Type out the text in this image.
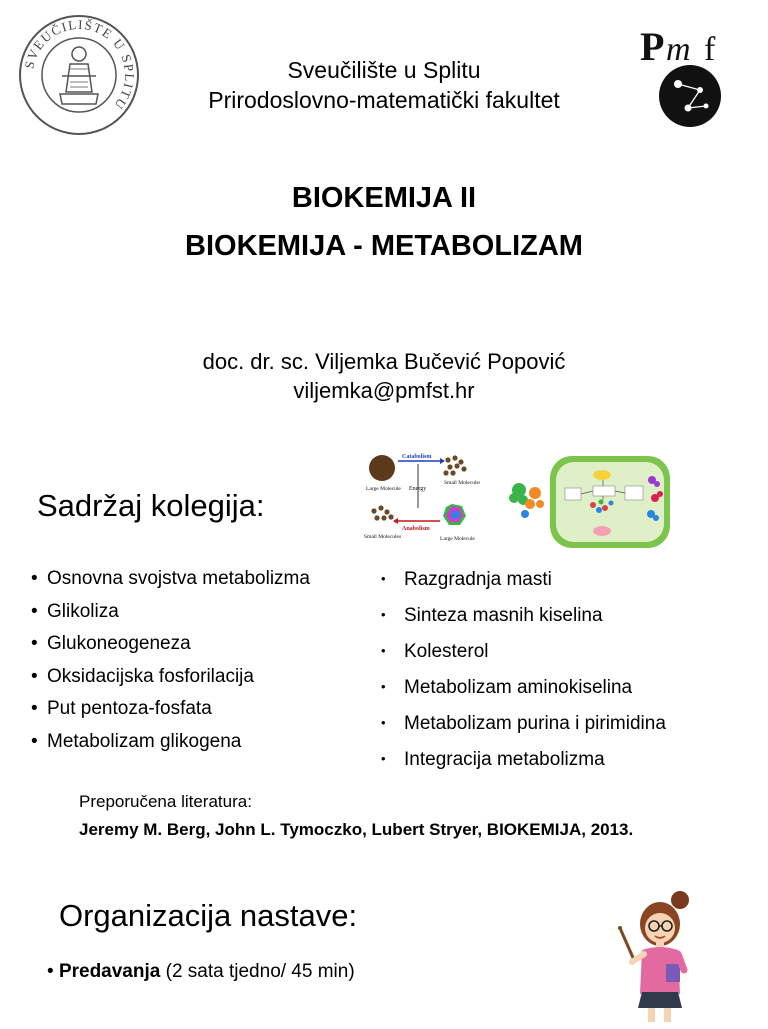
SVEUČILIŠTE U SPLITU
P m f
Sveučilište u Splitu
Prirodoslovno-matematički fakultet
BIOKEMIJA II
BIOKEMIJA - METABOLIZAM
doc. dr. sc. Viljemka Bučević Popović
viljemka@pmfst.hr
Catabolism
Anabolism
Energy
Large Molecule
Small Molecules
Small Molecules	Large Molecule
Sadržaj kolegija:
• Osnovna svojstva metabolizma
• Glikoliza
• Glukoneogeneza
• Oksidacijska fosforilacija
• Put pentoza-fosfata
• Metabolizam glikogena
• Razgradnja masti
• Sinteza masnih kiselina
• Kolesterol
• Metabolizam aminokiselina
• Metabolizam purina i pirimidina
• Integracija metabolizma
Preporučena literatura:
Jeremy M. Berg, John L. Tymoczko, Lubert Stryer, BIOKEMIJA, 2013.
Organizacija nastave:
• Predavanja (2 sata tjedno/ 45 min)
